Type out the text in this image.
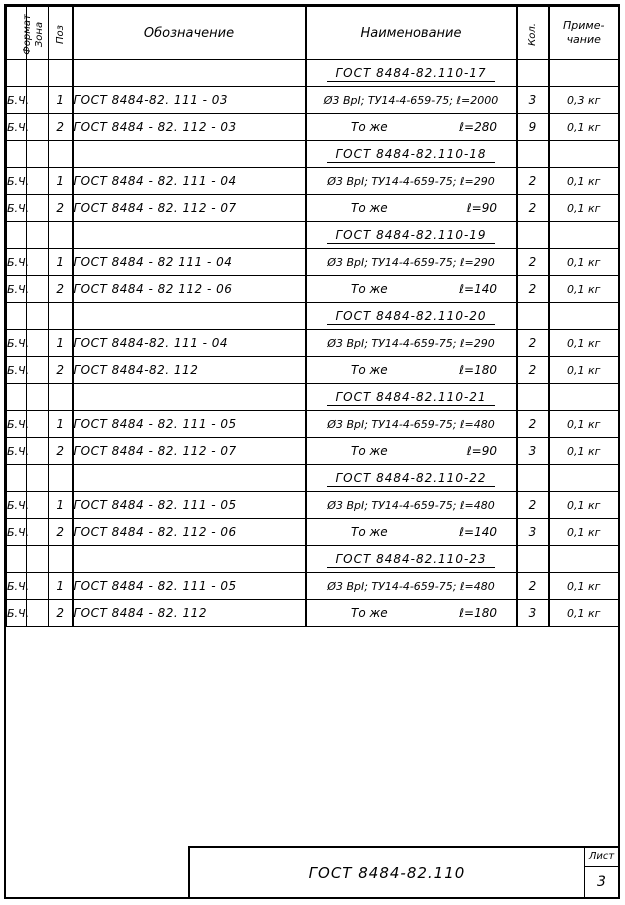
Формат	Зона	Поз	Обозначение	Наименование	Кол.	Приме-
чание
				ГОСТ 8484-82.110-17		
Б.Ч.		1	ГОСТ 8484-82. 111 - 03	Ø3 ВрI; ТУ14-4-659-75; ℓ=2000	3	0,3 кг
Б.Ч.		2	ГОСТ 8484 - 82. 112 - 03	То же ℓ=280	9	0,1 кг
				ГОСТ 8484-82.110-18		
Б.Ч.		1	ГОСТ 8484 - 82. 111 - 04	Ø3 ВрI; ТУ14-4-659-75; ℓ=290	2	0,1 кг
Б.Ч.		2	ГОСТ 8484 - 82. 112 - 07	То же ℓ=90	2	0,1 кг
				ГОСТ 8484-82.110-19		
Б.Ч.		1	ГОСТ 8484 - 82 111 - 04	Ø3 ВрI; ТУ14-4-659-75; ℓ=290	2	0,1 кг
Б.Ч.		2	ГОСТ 8484 - 82 112 - 06	То же ℓ=140	2	0,1 кг
				ГОСТ 8484-82.110-20		
Б.Ч.		1	ГОСТ 8484-82. 111 - 04	Ø3 ВрI; ТУ14-4-659-75; ℓ=290	2	0,1 кг
Б.Ч.		2	ГОСТ 8484-82. 112	То же ℓ=180	2	0,1 кг
				ГОСТ 8484-82.110-21		
Б.Ч.		1	ГОСТ 8484 - 82. 111 - 05	Ø3 ВрI; ТУ14-4-659-75; ℓ=480	2	0,1 кг
Б.Ч.		2	ГОСТ 8484 - 82. 112 - 07	То же ℓ=90	3	0,1 кг
				ГОСТ 8484-82.110-22		
Б.Ч.		1	ГОСТ 8484 - 82. 111 - 05	Ø3 ВрI; ТУ14-4-659-75; ℓ=480	2	0,1 кг
Б.Ч.		2	ГОСТ 8484 - 82. 112 - 06	То же ℓ=140	3	0,1 кг
				ГОСТ 8484-82.110-23		
Б.Ч.		1	ГОСТ 8484 - 82. 111 - 05	Ø3 ВрI; ТУ14-4-659-75; ℓ=480	2	0,1 кг
Б.Ч.		2	ГОСТ 8484 - 82. 112	То же ℓ=180	3	0,1 кг
ГОСТ 8484-82.110
Лист
3
